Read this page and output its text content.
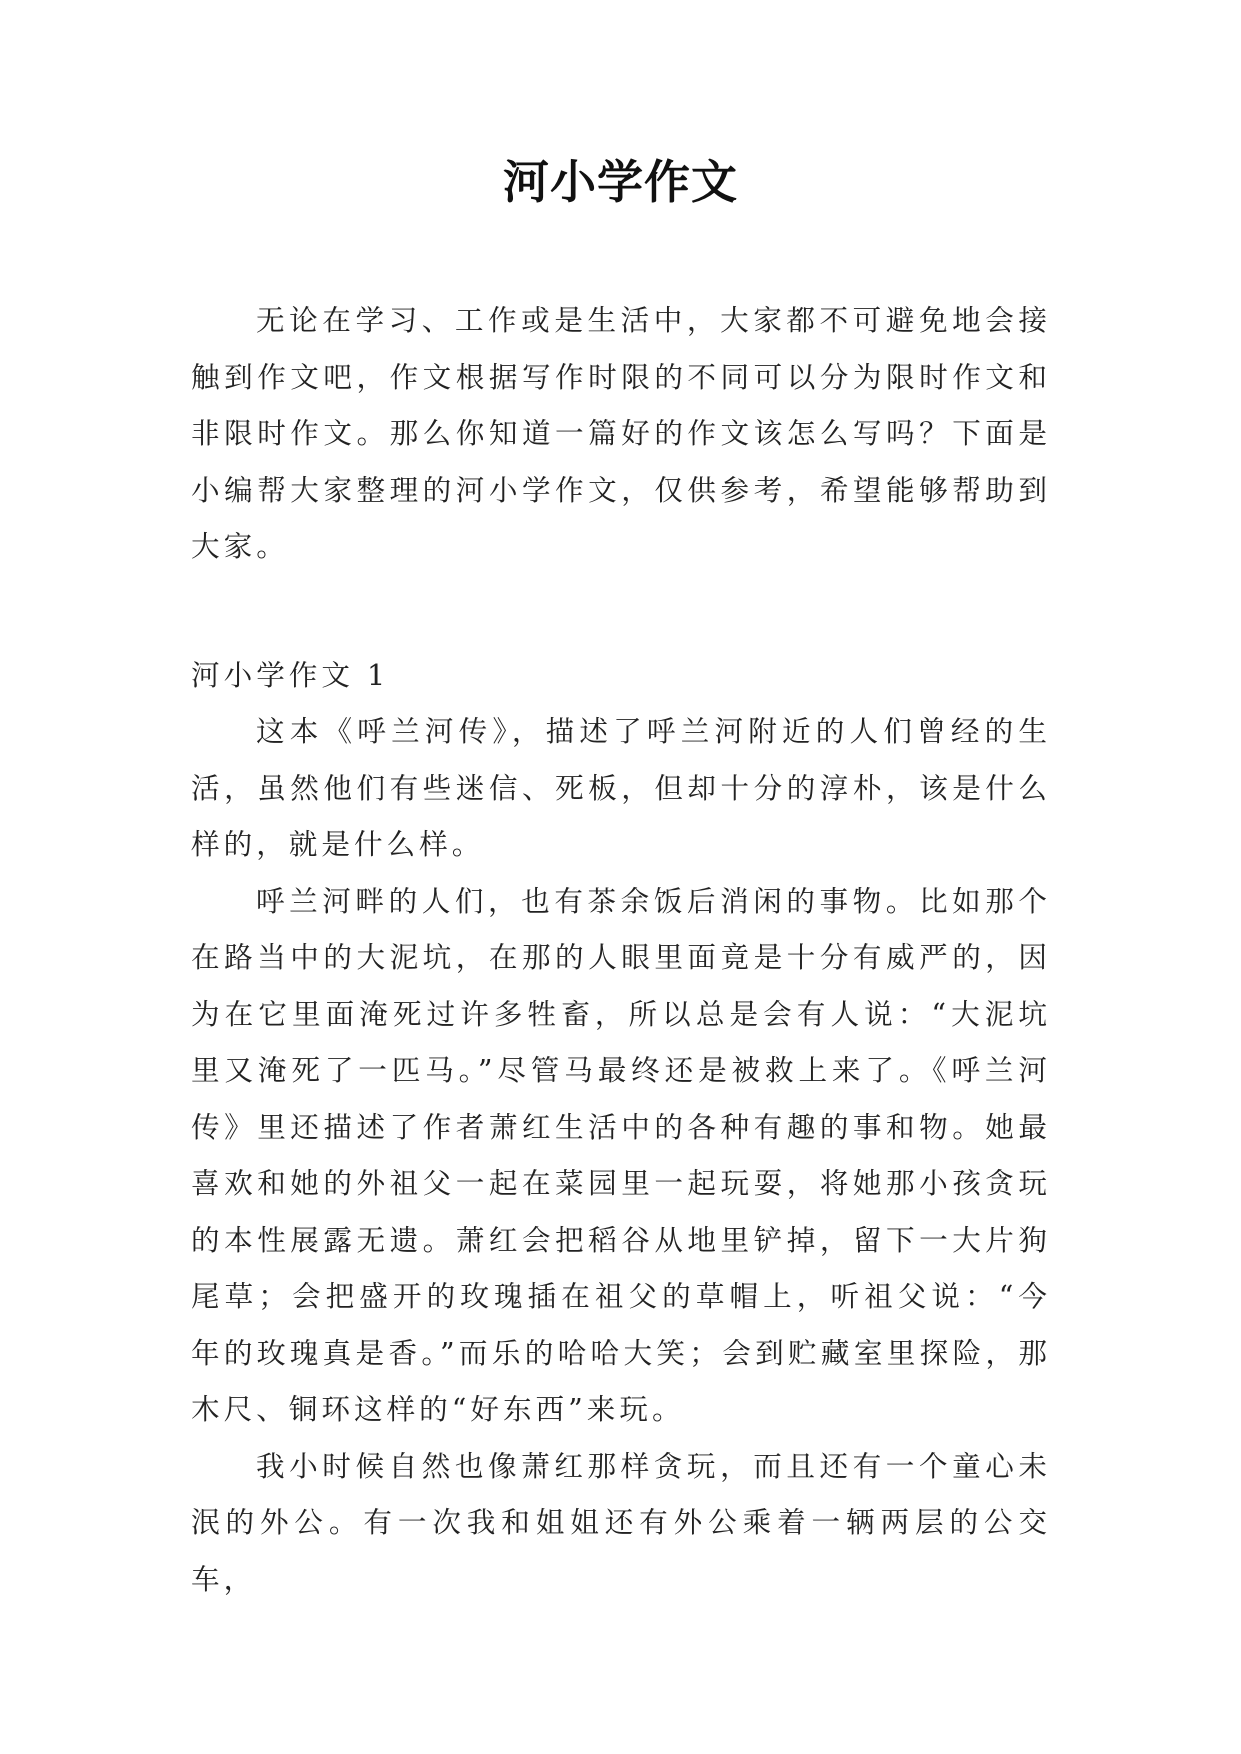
河小学作文

无论在学习、工作或是生活中，大家都不可避免地会接触到作文吧，作文根据写作时限的不同可以分为限时作文和非限时作文。那么你知道一篇好的作文该怎么写吗？下面是小编帮大家整理的河小学作文，仅供参考，希望能够帮助到大家。

河小学作文 1

这本《呼兰河传》，描述了呼兰河附近的人们曾经的生活，虽然他们有些迷信、死板，但却十分的淳朴，该是什么样的，就是什么样。

呼兰河畔的人们，也有茶余饭后消闲的事物。比如那个在路当中的大泥坑，在那的人眼里面竟是十分有威严的，因为在它里面淹死过许多牲畜，所以总是会有人说：“大泥坑里又淹死了一匹马。”尽管马最终还是被救上来了。《呼兰河传》里还描述了作者萧红生活中的各种有趣的事和物。她最喜欢和她的外祖父一起在菜园里一起玩耍，将她那小孩贪玩的本性展露无遗。萧红会把稻谷从地里铲掉，留下一大片狗尾草；会把盛开的玫瑰插在祖父的草帽上，听祖父说：“今年的玫瑰真是香。”而乐的哈哈大笑；会到贮藏室里探险，那木尺、铜环这样的“好东西”来玩。

我小时候自然也像萧红那样贪玩，而且还有一个童心未泯的外公。有一次我和姐姐还有外公乘着一辆两层的公交车，
